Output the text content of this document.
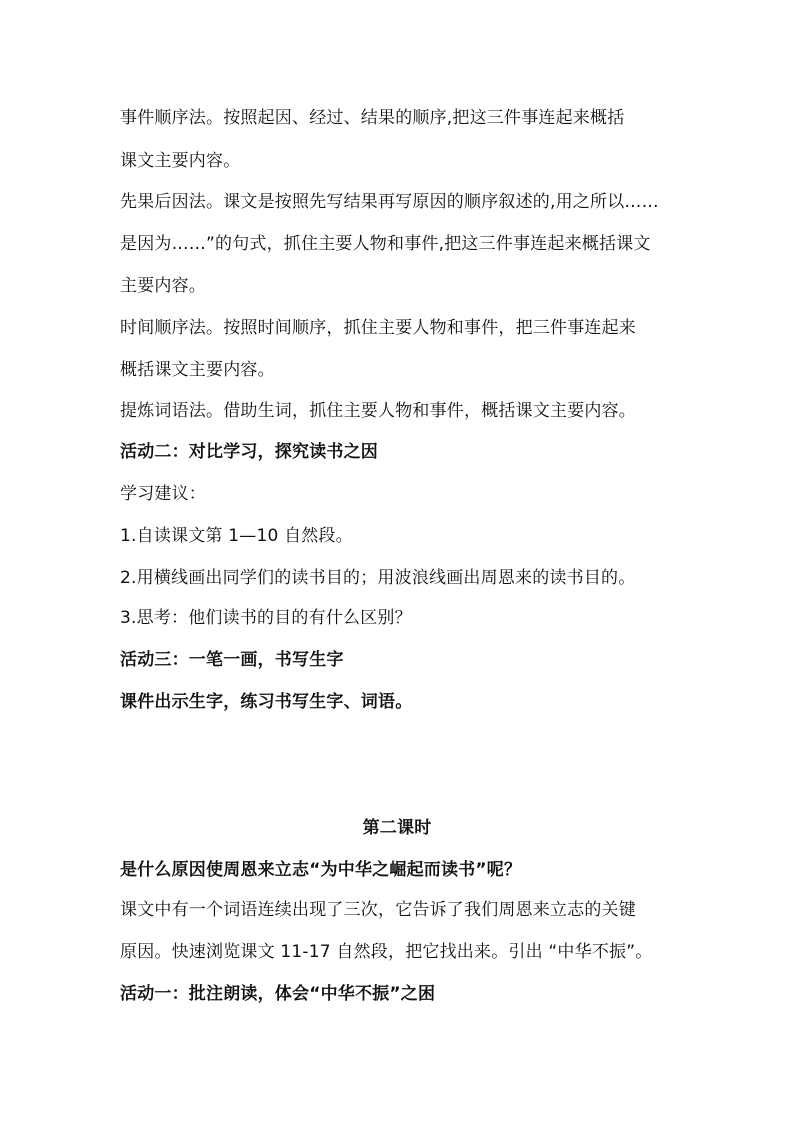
事件顺序法。按照起因、经过、结果的顺序,把这三件事连起来概括
课文主要内容。
先果后因法。课文是按照先写结果再写原因的顺序叙述的,用之所以……
是因为……”的句式，抓住主要人物和事件,把这三件事连起来概括课文
主要内容。
时间顺序法。按照时间顺序，抓住主要人物和事件，把三件事连起来
概括课文主要内容。
提炼词语法。借助生词，抓住主要人物和事件，概括课文主要内容。
活动二：对比学习，探究读书之因
学习建议：
1.自读课文第 1—10 自然段。
2.用横线画出同学们的读书目的；用波浪线画出周恩来的读书目的。
3.思考：他们读书的目的有什么区别？
活动三：一笔一画，书写生字
课件出示生字，练习书写生字、词语。
第二课时
是什么原因使周恩来立志“为中华之崛起而读书”呢？
课文中有一个词语连续出现了三次，它告诉了我们周恩来立志的关键
原因。快速浏览课文 11-17 自然段，把它找出来。引出 “中华不振”。
活动一：批注朗读，体会“中华不振”之困
